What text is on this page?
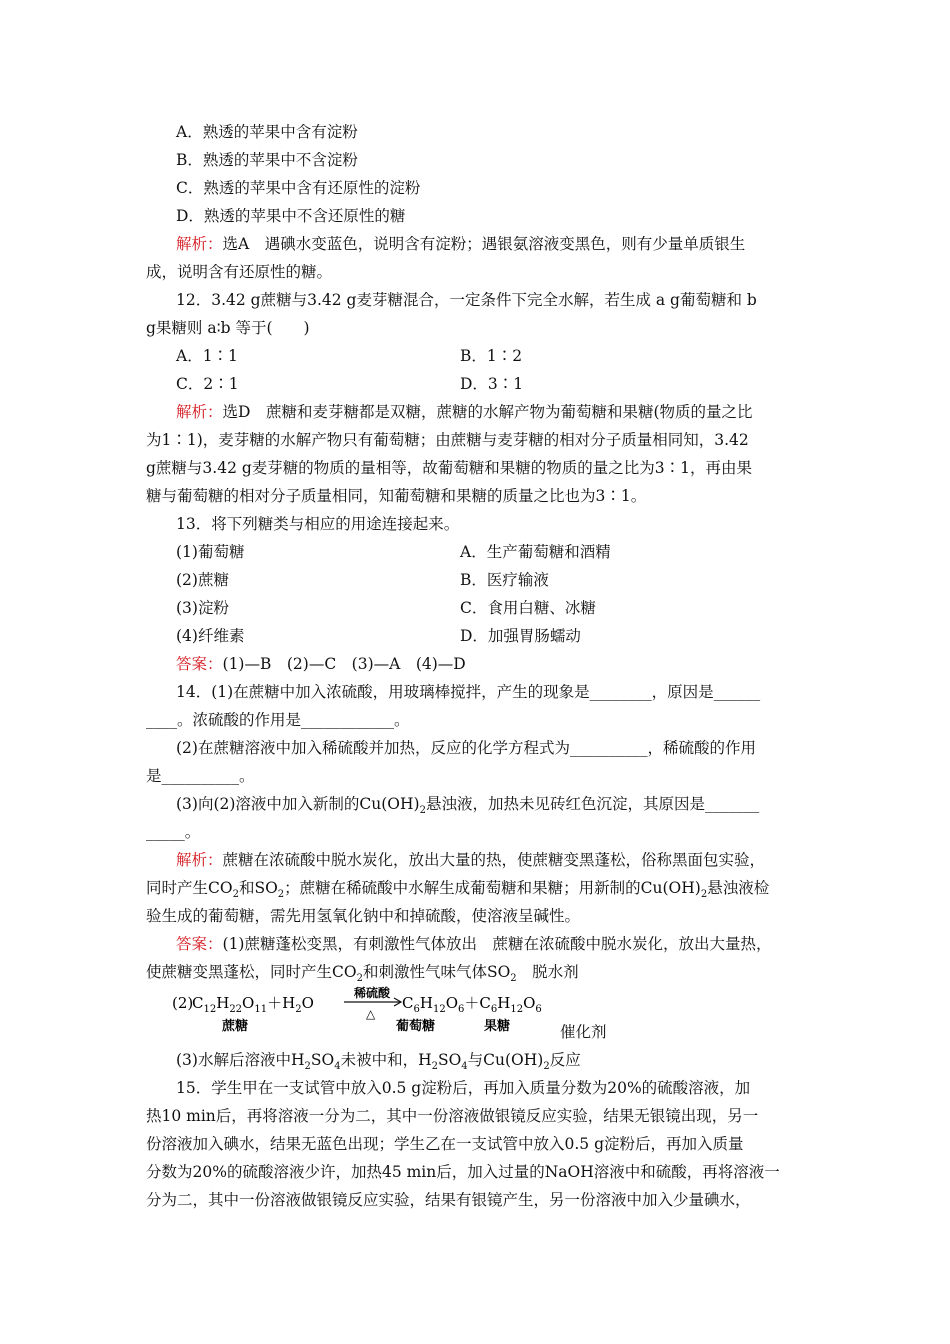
A．熟透的苹果中含有淀粉
B．熟透的苹果中不含淀粉
C．熟透的苹果中含有还原性的淀粉
D．熟透的苹果中不含还原性的糖
解析：选A　遇碘水变蓝色，说明含有淀粉；遇银氨溶液变黑色，则有少量单质银生
成，说明含有还原性的糖。
12．3.42 g蔗糖与3.42 g麦芽糖混合，一定条件下完全水解，若生成 a g葡萄糖和 b
g果糖则 a∶b 等于(　　)
A．1∶1	B．1∶2
C．2∶1	D．3∶1
解析：选D　蔗糖和麦芽糖都是双糖，蔗糖的水解产物为葡萄糖和果糖(物质的量之比
为1∶1)，麦芽糖的水解产物只有葡萄糖；由蔗糖与麦芽糖的相对分子质量相同知，3.42
g蔗糖与3.42 g麦芽糖的物质的量相等，故葡萄糖和果糖的物质的量之比为3∶1，再由果
糖与葡萄糖的相对分子质量相同，知葡萄糖和果糖的质量之比也为3∶1。
13．将下列糖类与相应的用途连接起来。
(1)葡萄糖	A．生产葡萄糖和酒精
(2)蔗糖	B．医疗输液
(3)淀粉	C．食用白糖、冰糖
(4)纤维素	D．加强胃肠蠕动
答案：(1)—B　(2)—C　(3)—A　(4)—D
14．(1)在蔗糖中加入浓硫酸，用玻璃棒搅拌，产生的现象是________，原因是______
____。浓硫酸的作用是____________。
(2)在蔗糖溶液中加入稀硫酸并加热，反应的化学方程式为__________，稀硫酸的作用
是__________。
(3)向(2)溶液中加入新制的$Cu(OH)_2$悬浊液，加热未见砖红色沉淀，其原因是_______
_____。
解析：蔗糖在浓硫酸中脱水炭化，放出大量的热，使蔗糖变黑蓬松，俗称黑面包实验，
同时产生$CO_2$和$SO_2$；蔗糖在稀硫酸中水解生成葡萄糖和果糖；用新制的$Cu(OH)_2$悬浊液检
验生成的葡萄糖，需先用氢氧化钠中和掉硫酸，使溶液呈碱性。
答案：(1)蔗糖蓬松变黑，有刺激性气体放出　蔗糖在浓硫酸中脱水炭化，放出大量热，
使蔗糖变黑蓬松，同时产生$CO_2$和刺激性气味气体$SO_2$　脱水剂
(2)
$C_{12}H_{22}O_{11}+H_2O$
稀硫酸
△
$C_6H_{12}O_6+C_6H_{12}O_6$
蔗糖	葡萄糖	果糖	催化剂
(3)水解后溶液中$H_2SO_4$未被中和，$H_2SO_4$与$Cu(OH)_2$反应
15．学生甲在一支试管中放入0.5 g淀粉后，再加入质量分数为20%的硫酸溶液，加
热10 min后，再将溶液一分为二，其中一份溶液做银镜反应实验，结果无银镜出现，另一
份溶液加入碘水，结果无蓝色出现；学生乙在一支试管中放入0.5 g淀粉后，再加入质量
分数为20%的硫酸溶液少许，加热45 min后，加入过量的NaOH溶液中和硫酸，再将溶液一
分为二，其中一份溶液做银镜反应实验，结果有银镜产生，另一份溶液中加入少量碘水，
